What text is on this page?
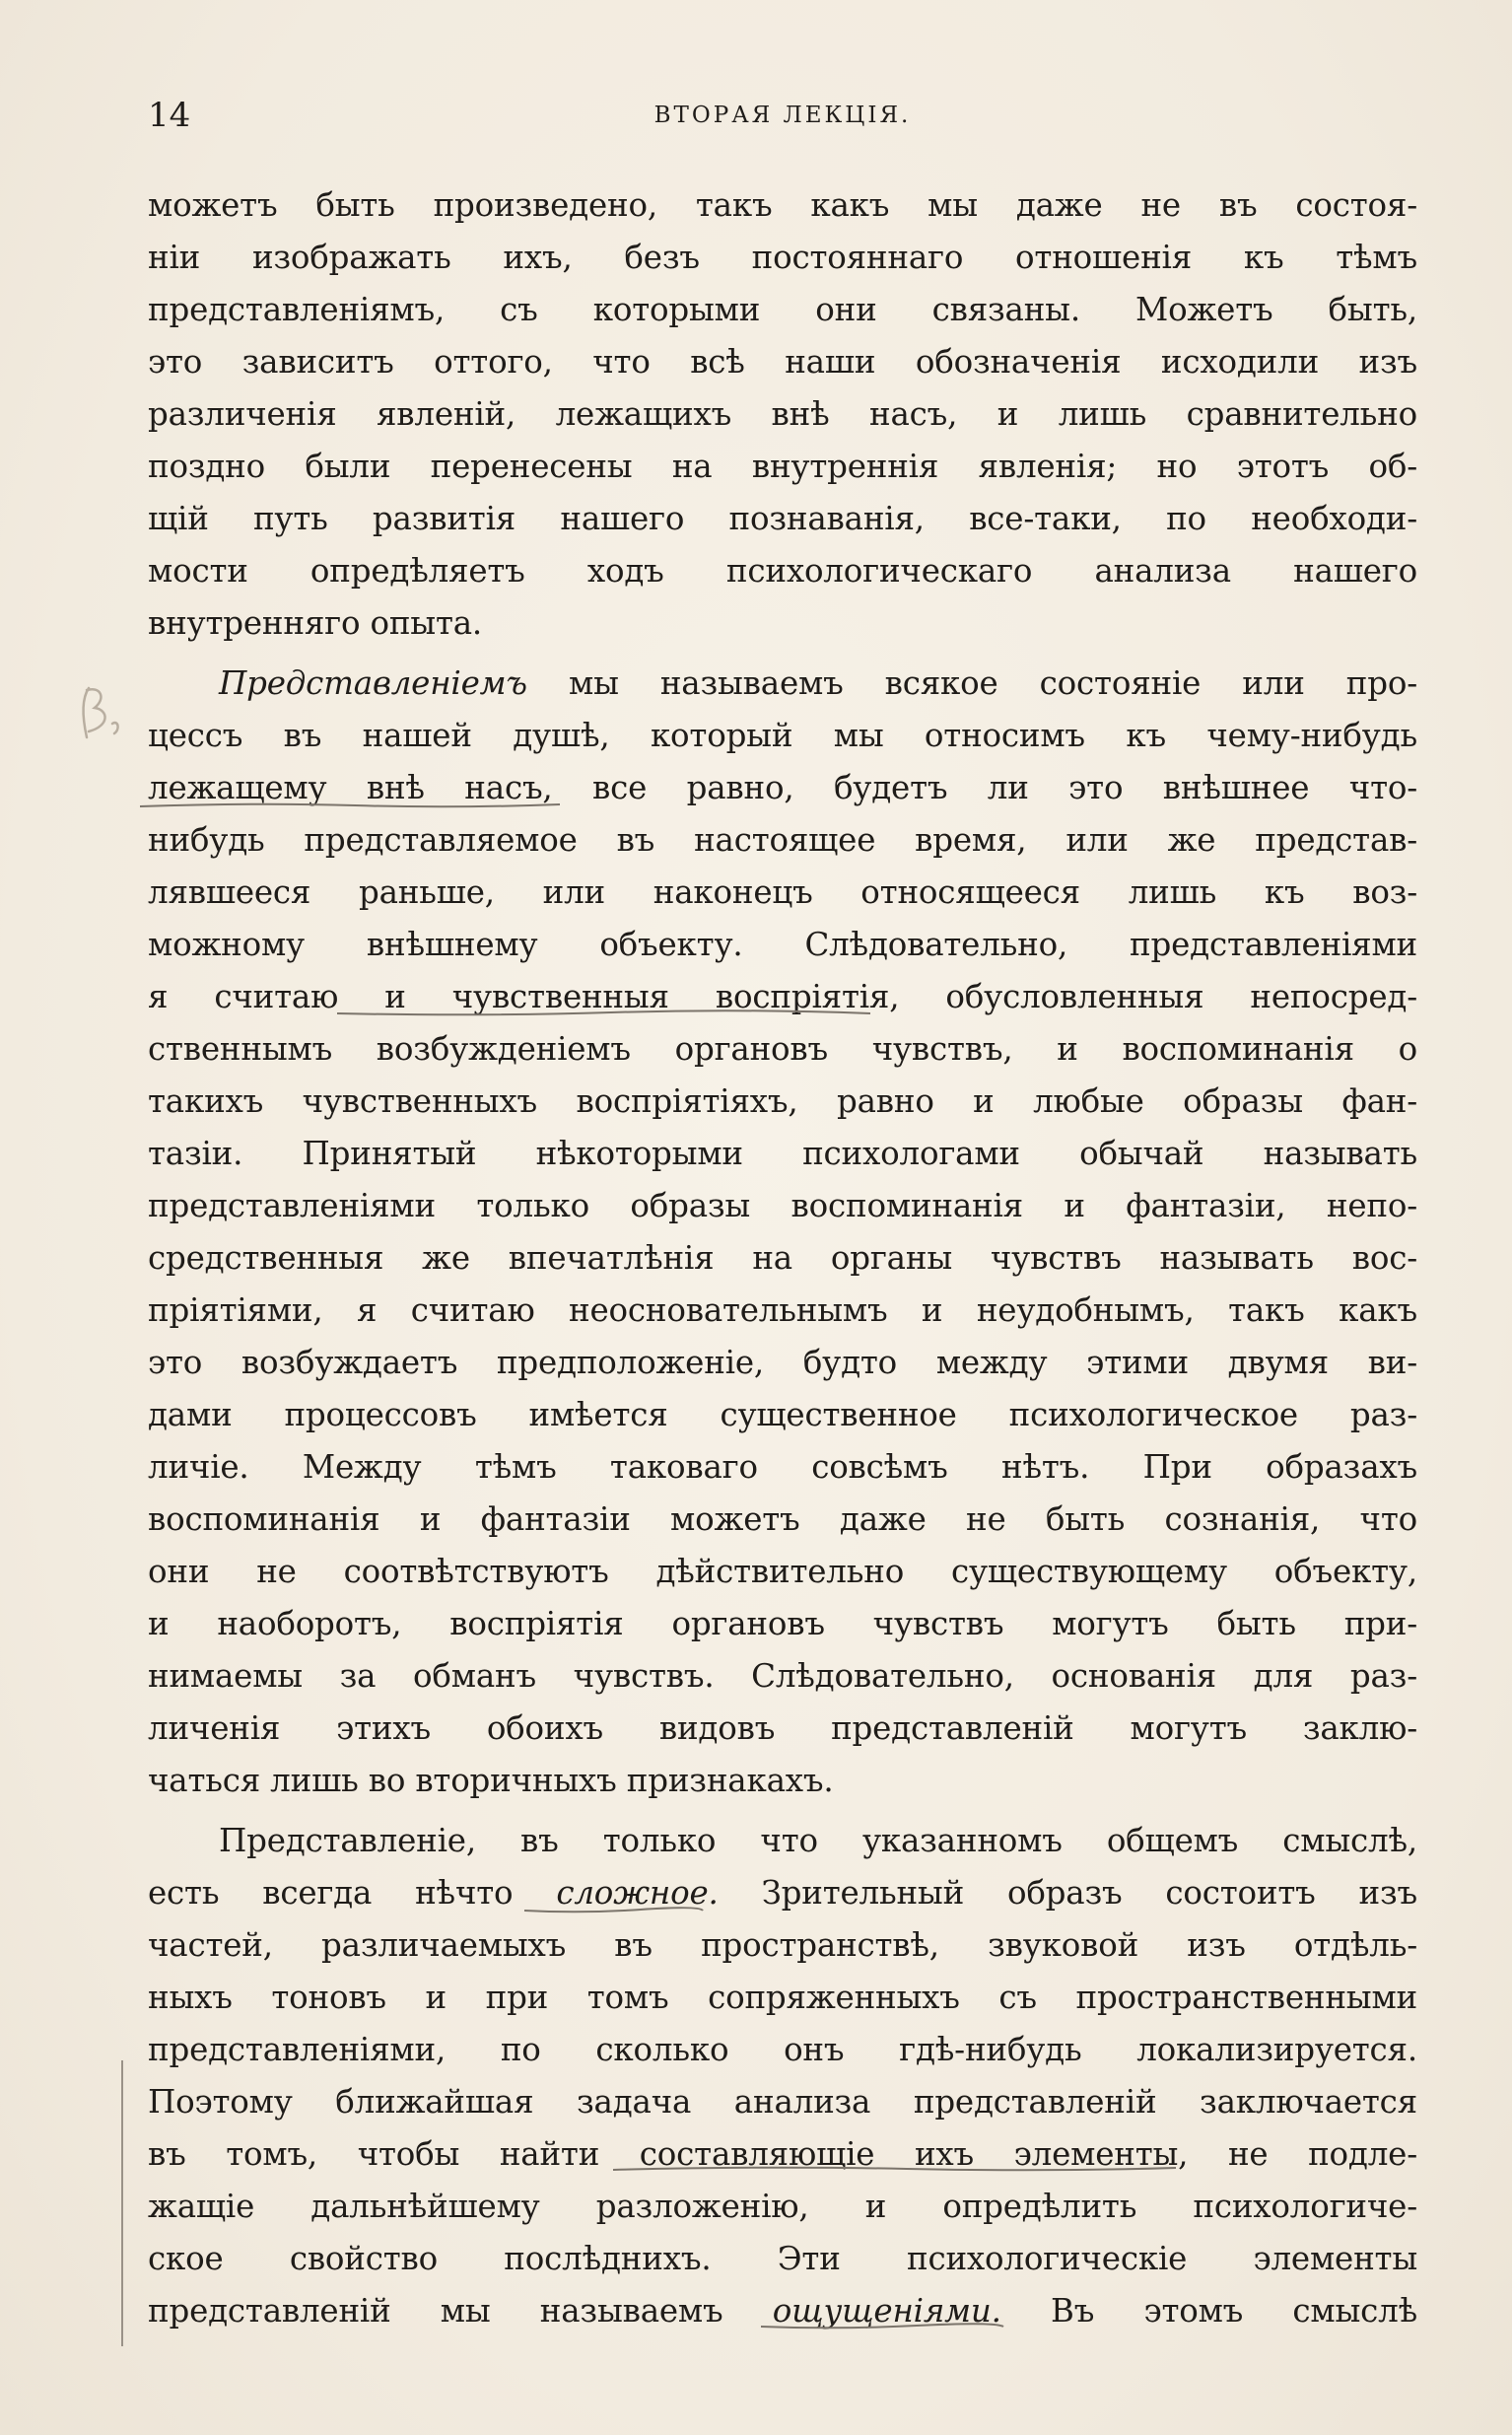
14	ВТОРАЯ ЛЕКЦІЯ.
можетъ быть произведено, такъ какъ мы даже не въ состоя-
ніи изображать ихъ, безъ постояннаго отношенія къ тѣмъ
представленіямъ, съ которыми они связаны. Можетъ быть,
это зависитъ оттого, что всѣ наши обозначенія исходили изъ
различенія явленій, лежащихъ внѣ насъ, и лишь сравнительно
поздно были перенесены на внутреннія явленія; но этотъ об-
щій путь развитія нашего познаванія, все-таки, по необходи-
мости опредѣляетъ ходъ психологическаго анализа нашего
внутренняго опыта.
Представленіемъ мы называемъ всякое состояніе или про-
цессъ въ нашей душѣ, который мы относимъ къ чему-нибудь
лежащему внѣ насъ, все равно, будетъ ли это внѣшнее что-
нибудь представляемое въ настоящее время, или же представ-
лявшееся раньше, или наконецъ относящееся лишь къ воз-
можному внѣшнему объекту. Слѣдовательно, представленіями
я считаю и чувственныя воспріятія, обусловленныя непосред-
ственнымъ возбужденіемъ органовъ чувствъ, и воспоминанія о
такихъ чувственныхъ воспріятіяхъ, равно и любые образы фан-
тазіи. Принятый нѣкоторыми психологами обычай называть
представленіями только образы воспоминанія и фантазіи, непо-
средственныя же впечатлѣнія на органы чувствъ называть вос-
пріятіями, я считаю неосновательнымъ и неудобнымъ, такъ какъ
это возбуждаетъ предположеніе, будто между этими двумя ви-
дами процессовъ имѣется существенное психологическое раз-
личіе. Между тѣмъ таковаго совсѣмъ нѣтъ. При образахъ
воспоминанія и фантазіи можетъ даже не быть сознанія, что
они не соотвѣтствуютъ дѣйствительно существующему объекту,
и наоборотъ, воспріятія органовъ чувствъ могутъ быть при-
нимаемы за обманъ чувствъ. Слѣдовательно, основанія для раз-
личенія этихъ обоихъ видовъ представленій могутъ заклю-
чаться лишь во вторичныхъ признакахъ.
Представленіе, въ только что указанномъ общемъ смыслѣ,
есть всегда нѣчто сложное. Зрительный образъ состоитъ изъ
частей, различаемыхъ въ пространствѣ, звуковой изъ отдѣль-
ныхъ тоновъ и при томъ сопряженныхъ съ пространственными
представленіями, по сколько онъ гдѣ-нибудь локализируется.
Поэтому ближайшая задача анализа представленій заключается
въ томъ, чтобы найти составляющіе ихъ элементы, не подле-
жащіе дальнѣйшему разложенію, и опредѣлить психологиче-
ское свойство послѣднихъ. Эти психологическіе элементы
представленій мы называемъ ощущеніями. Въ этомъ смыслѣ
